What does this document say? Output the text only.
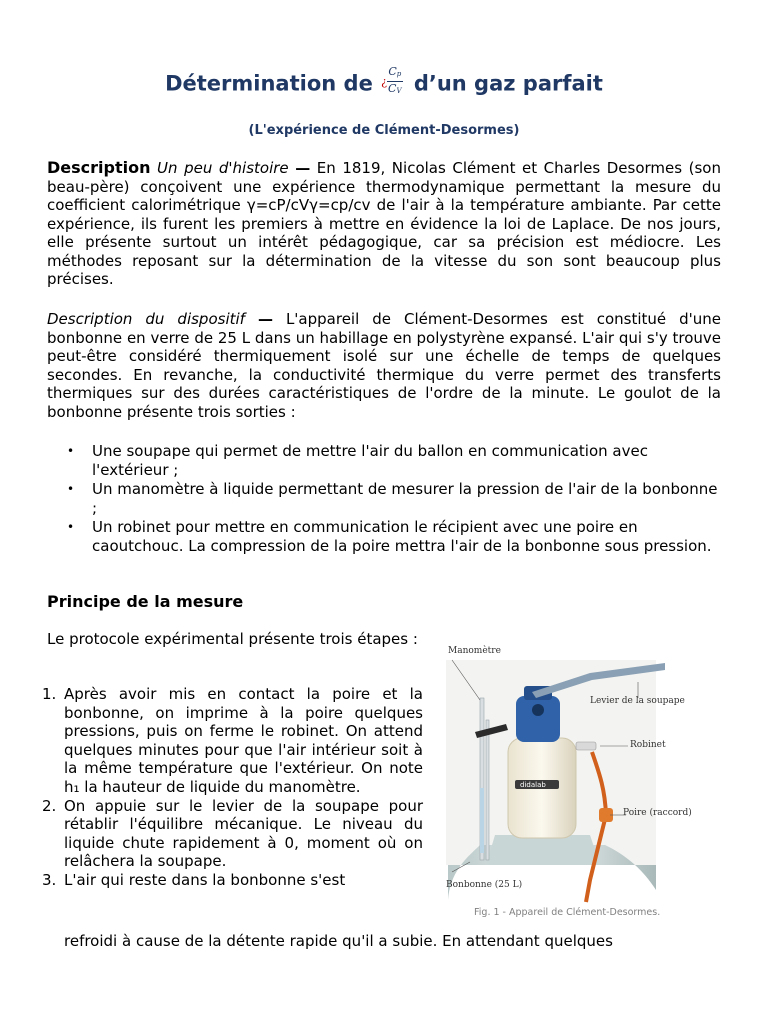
Détermination de ¿ $\frac{C_p}{C_V}$ d’un gaz parfait
(L'expérience de Clément-Desormes)
Description Un peu d'histoire — En 1819, Nicolas Clément et Charles Desormes (son beau-père) conçoivent une expérience thermodynamique permettant la mesure du coefficient calorimétrique γ=cP/cVγ=cp/cv de l'air à la température ambiante. Par cette expérience, ils furent les premiers à mettre en évidence la loi de Laplace. De nos jours, elle présente surtout un intérêt pédagogique, car sa précision est médiocre. Les méthodes reposant sur la détermination de la vitesse du son sont beaucoup plus précises.
Description du dispositif — L'appareil de Clément-Desormes est constitué d'une bonbonne en verre de 25 L dans un habillage en polystyrène expansé. L'air qui s'y trouve peut-être considéré thermiquement isolé sur une échelle de temps de quelques secondes. En revanche, la conductivité thermique du verre permet des transferts thermiques sur des durées caractéristiques de l'ordre de la minute. Le goulot de la bonbonne présente trois sorties :
• Une soupape qui permet de mettre l'air du ballon en communication avec l'extérieur ;
• Un manomètre à liquide permettant de mesurer la pression de l'air de la bonbonne ;
• Un robinet pour mettre en communication le récipient avec une poire en caoutchouc. La compression de la poire mettra l'air de la bonbonne sous pression.
Principe de la mesure
Le protocole expérimental présente trois étapes :
1. Après avoir mis en contact la poire et la bonbonne, on imprime à la poire quelques pressions, puis on ferme le robinet. On attend quelques minutes pour que l'air intérieur soit à la même température que l'extérieur. On note h₁ la hauteur de liquide du manomètre.
2. On appuie sur le levier de la soupape pour rétablir l'équilibre mécanique. Le niveau du liquide chute rapidement à 0, moment où on relâchera la soupape.
3. L'air qui reste dans la bonbonne s'est
refroidi à cause de la détente rapide qu'il a subie. En attendant quelques
didalab
Manomètre
Levier de la soupape
Robinet
Poire (raccord)
Bonbonne (25 L)
Fig. 1 - Appareil de Clément-Desormes.
